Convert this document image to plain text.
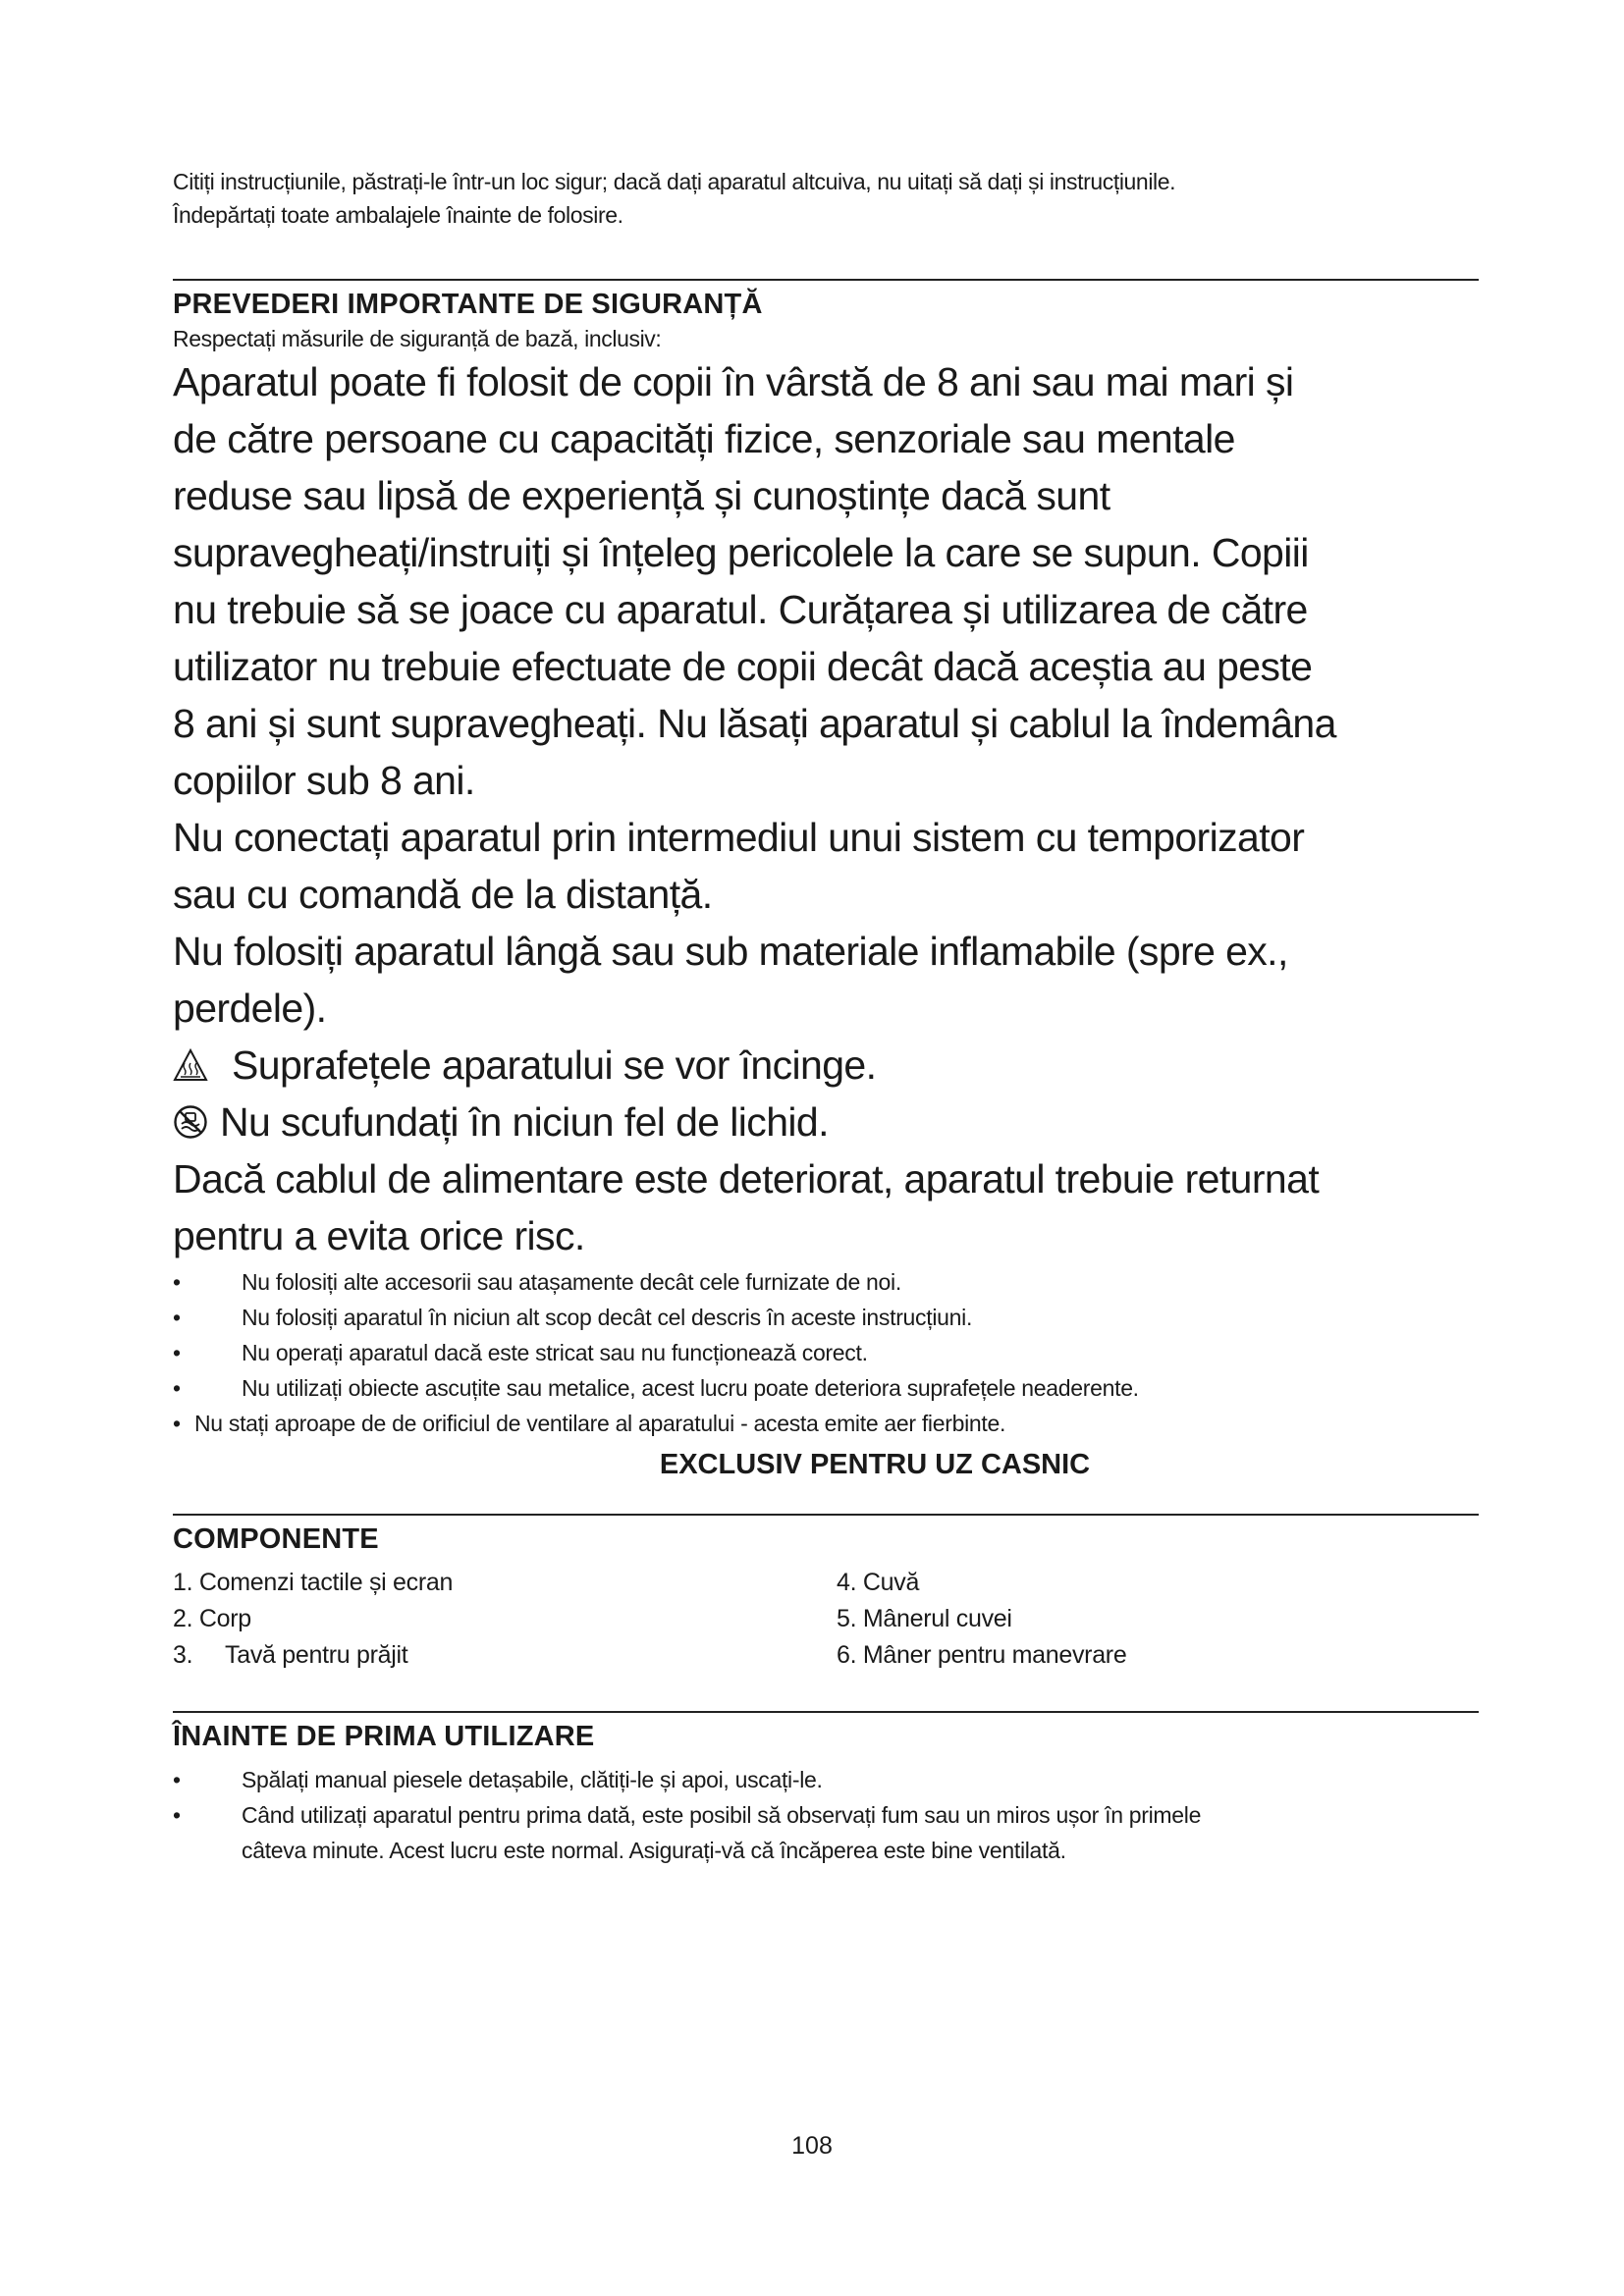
Citiți instrucțiunile, păstrați-le într-un loc sigur; dacă dați aparatul altcuiva, nu uitați să dați și instrucțiunile.

Îndepărtați toate ambalajele înainte de folosire.

PREVEDERI IMPORTANTE DE SIGURANȚĂ

Respectați măsurile de siguranță de bază, inclusiv:

Aparatul poate fi folosit de copii în vârstă de 8 ani sau mai mari și

de către persoane cu capacități fizice, senzoriale sau mentale

reduse sau lipsă de experiență și cunoștințe dacă sunt

supravegheați/instruiți și înțeleg pericolele la care se supun. Copiii

nu trebuie să se joace cu aparatul. Curățarea și utilizarea de către

utilizator nu trebuie efectuate de copii decât dacă aceștia au peste

8 ani și sunt supravegheați. Nu lăsați aparatul și cablul la îndemâna

copiilor sub 8 ani.

Nu conectați aparatul prin intermediul unui sistem cu temporizator

sau cu comandă de la distanță.

Nu folosiți aparatul lângă sau sub materiale inflamabile (spre ex.,

perdele).

Suprafețele aparatului se vor încinge.

Nu scufundați în niciun fel de lichid.

Dacă cablul de alimentare este deteriorat, aparatul trebuie returnat

pentru a evita orice risc.

•	Nu folosiți alte accesorii sau atașamente decât cele furnizate de noi.
•	Nu folosiți aparatul în niciun alt scop decât cel descris în aceste instrucțiuni.
•	Nu operați aparatul dacă este stricat sau nu funcționează corect.
•	Nu utilizați obiecte ascuțite sau metalice, acest lucru poate deteriora suprafețele neaderente.
• Nu stați aproape de de orificiul de ventilare al aparatului - acesta emite aer fierbinte.

EXCLUSIV PENTRU UZ CASNIC

COMPONENTE
1. Comenzi tactile și ecran	4. Cuvă
2. Corp	5. Mânerul cuvei
3.     Tavă pentru prăjit	6. Mâner pentru manevrare
ÎNAINTE DE PRIMA UTILIZARE
•	Spălați manual piesele detașabile, clătiți-le și apoi, uscați-le.
•	Când utilizați aparatul pentru prima dată, este posibil să observați fum sau un miros ușor în primele
câteva minute. Acest lucru este normal. Asigurați-vă că încăperea este bine ventilată.
108
